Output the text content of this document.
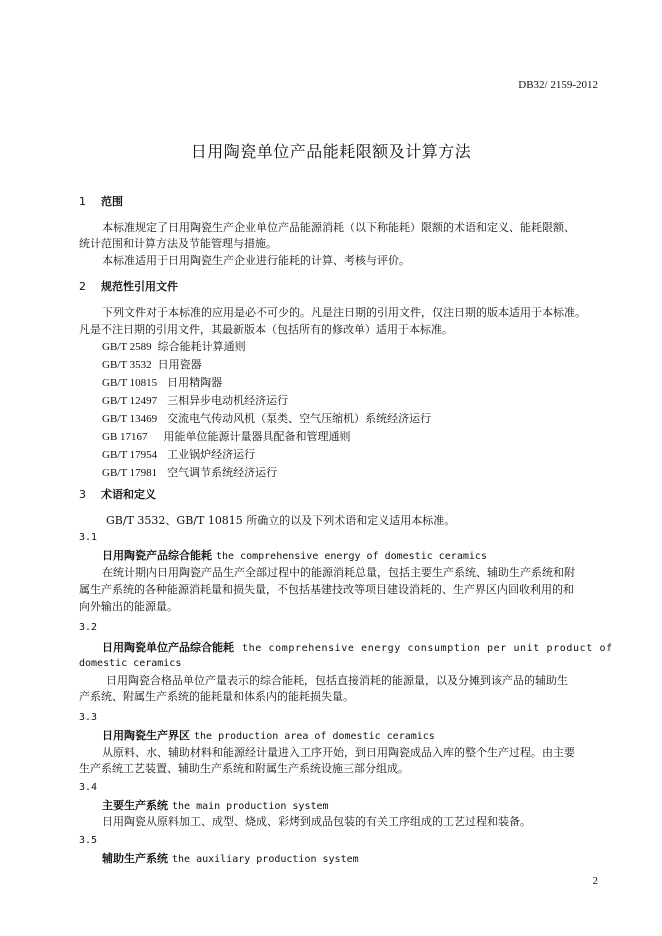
DB32/ 2159-2012
日用陶瓷单位产品能耗限额及计算方法
1 范围
本标准规定了日用陶瓷生产企业单位产品能源消耗（以下称能耗）限额的术语和定义、能耗限额、
统计范围和计算方法及节能管理与措施。
本标准适用于日用陶瓷生产企业进行能耗的计算、考核与评价。
2 规范性引用文件
下列文件对于本标准的应用是必不可少的。凡是注日期的引用文件，仅注日期的版本适用于本标准。
凡是不注日期的引用文件，其最新版本（包括所有的修改单）适用于本标准。
GB/T 2589 综合能耗计算通则
GB/T 3532 日用瓷器
GB/T 10815 日用精陶器
GB/T 12497 三相异步电动机经济运行
GB/T 13469 交流电气传动风机（泵类、空气压缩机）系统经济运行
GB 17167 用能单位能源计量器具配备和管理通则
GB/T 17954 工业锅炉经济运行
GB/T 17981 空气调节系统经济运行
3 术语和定义
GB/T 3532、GB/T 10815 所确立的以及下列术语和定义适用本标准。
3.1
日用陶瓷产品综合能耗 the comprehensive energy of domestic ceramics
在统计期内日用陶瓷产品生产全部过程中的能源消耗总量，包括主要生产系统、辅助生产系统和附
属生产系统的各种能源消耗量和损失量，不包括基建技改等项目建设消耗的、生产界区内回收利用的和
向外输出的能源量。
3.2
日用陶瓷单位产品综合能耗 the comprehensive energy consumption per unit product of
domestic ceramics
日用陶瓷合格品单位产量表示的综合能耗，包括直接消耗的能源量，以及分摊到该产品的辅助生
产系统、附属生产系统的能耗量和体系内的能耗损失量。
3.3
日用陶瓷生产界区 the production area of domestic ceramics
从原料、水、辅助材料和能源经计量进入工序开始，到日用陶瓷成品入库的整个生产过程。由主要
生产系统工艺装置、辅助生产系统和附属生产系统设施三部分组成。
3.4
主要生产系统 the main production system
日用陶瓷从原料加工、成型、烧成、彩烤到成品包装的有关工序组成的工艺过程和装备。
3.5
辅助生产系统 the auxiliary production system
2
